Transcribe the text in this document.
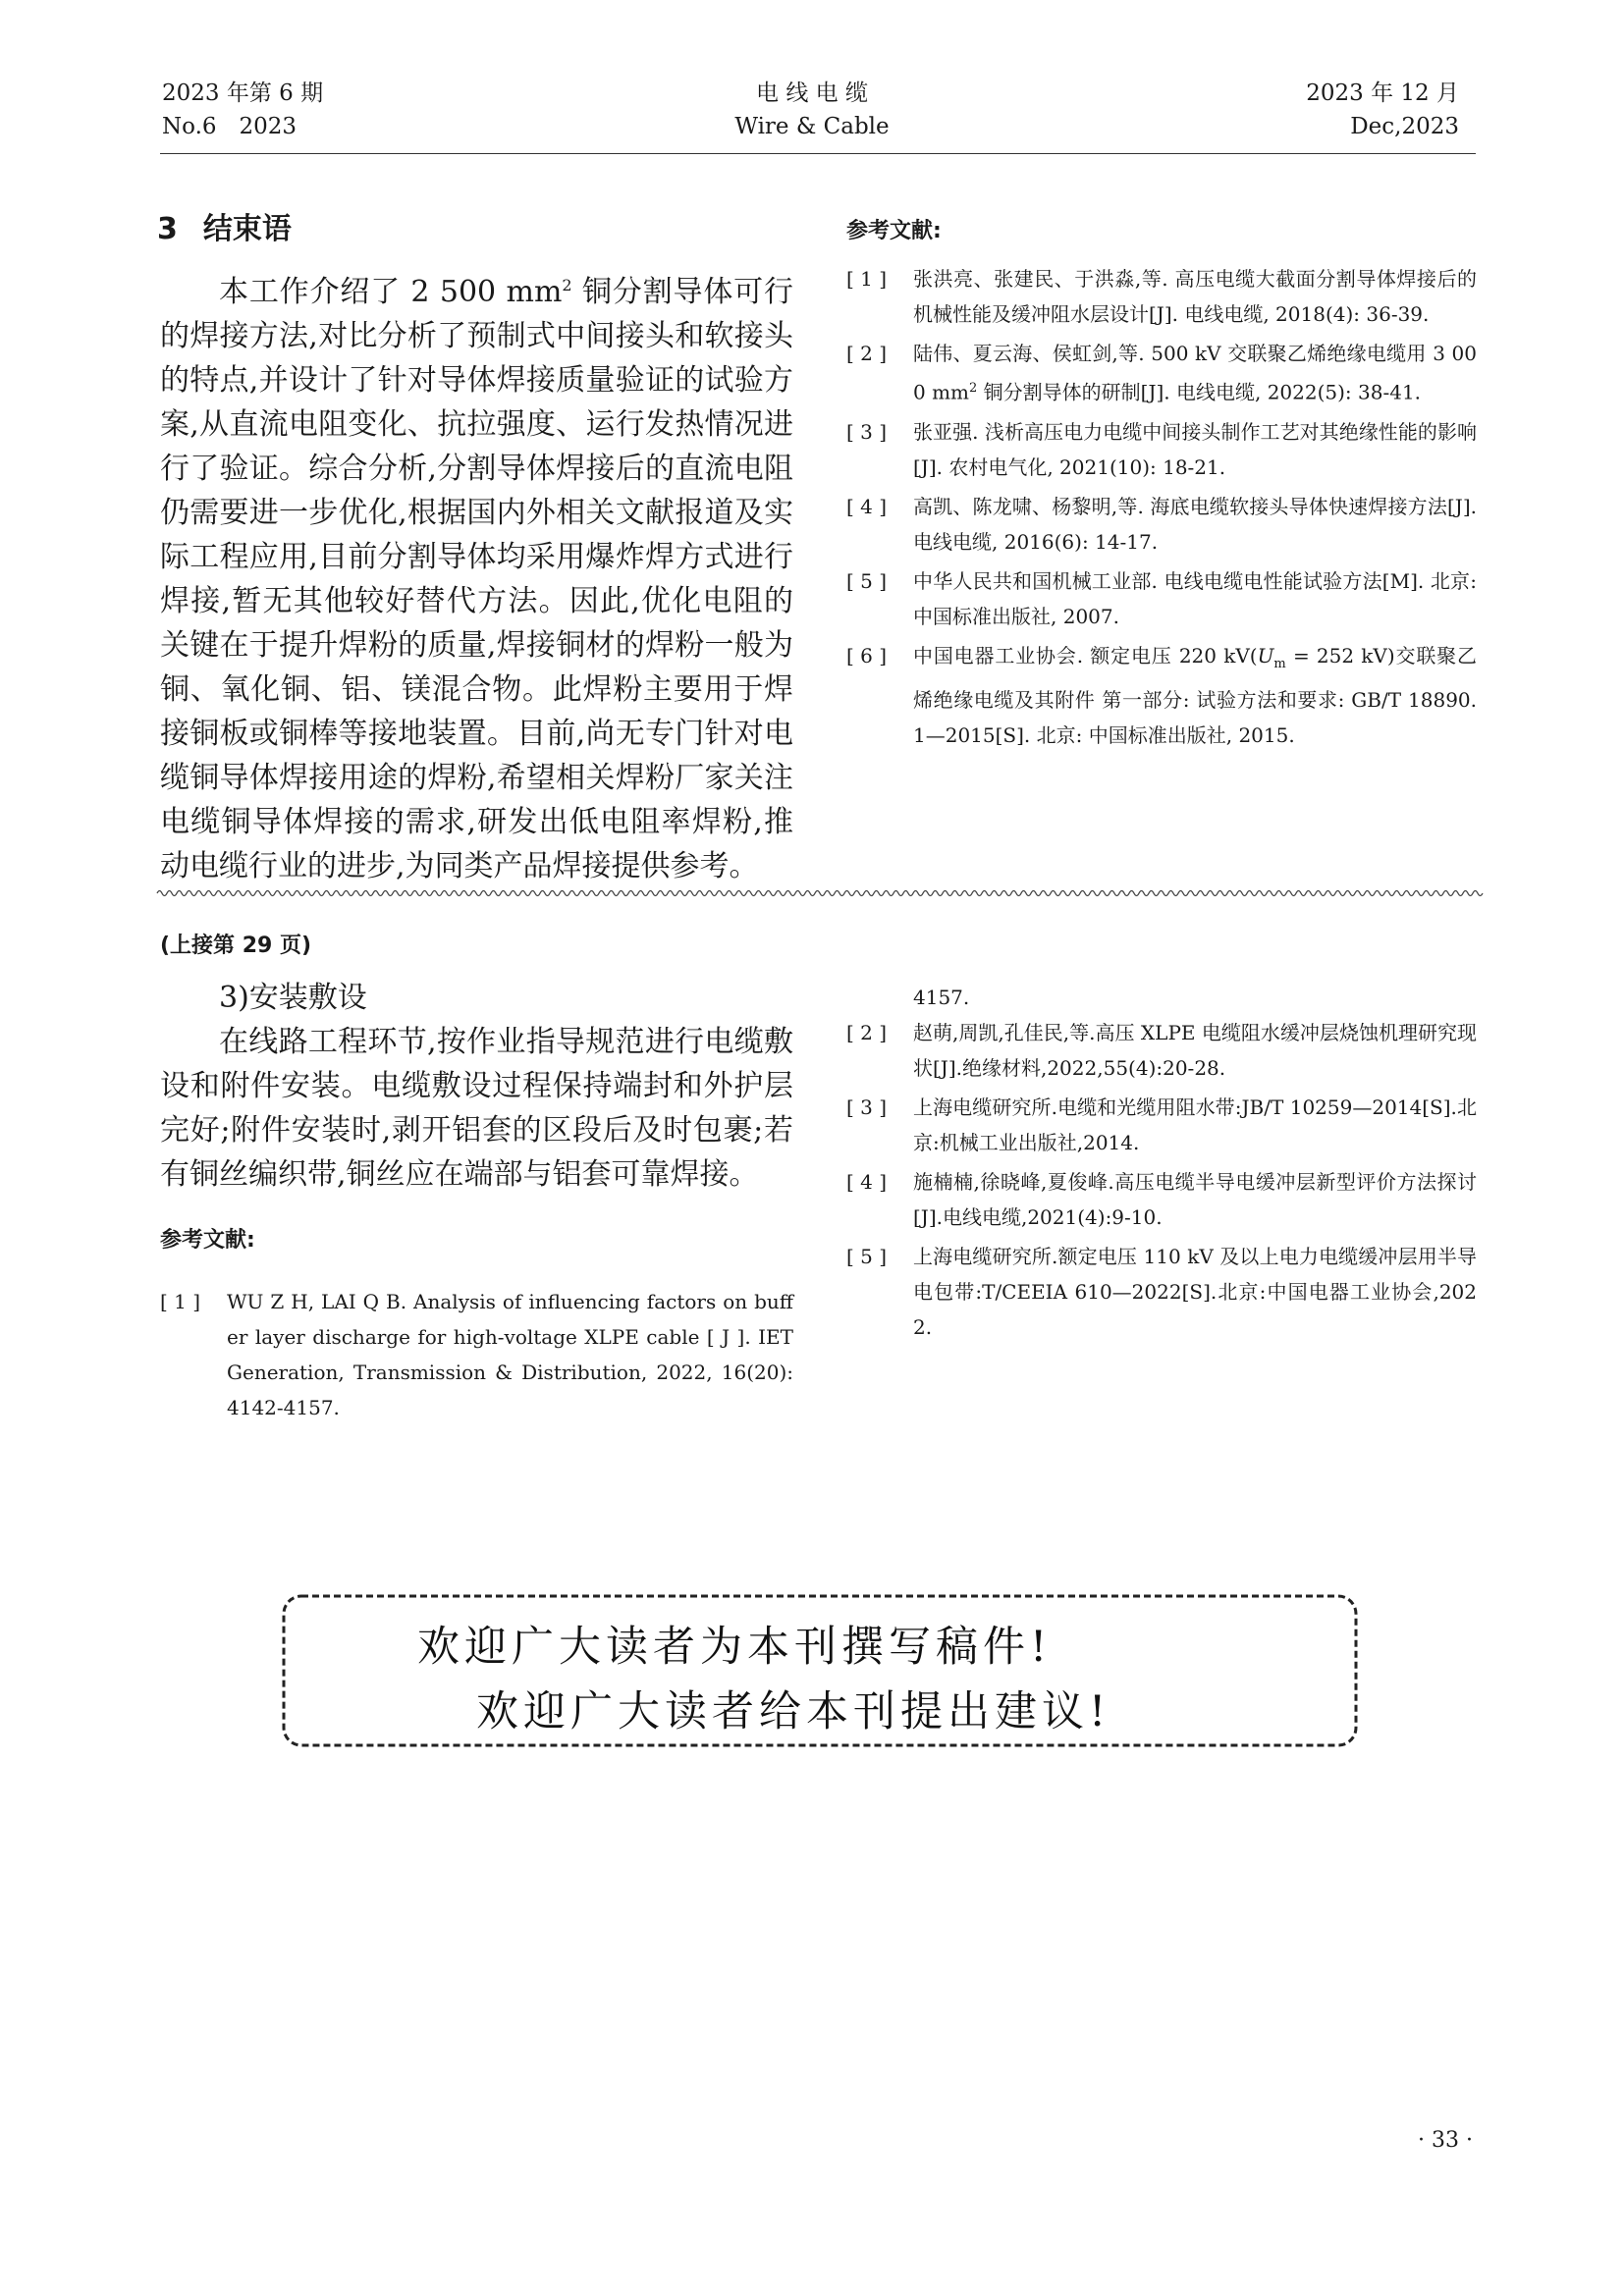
2023 年第 6 期
No.6　2023
电 线 电 缆
Wire & Cable
2023 年 12 月
Dec,2023
3 结束语
本工作介绍了 2 500 $mm^2$ 铜分割导体可行的焊接方法,对比分析了预制式中间接头和软接头的特点,并设计了针对导体焊接质量验证的试验方案,从直流电阻变化、抗拉强度、运行发热情况进行了验证。综合分析,分割导体焊接后的直流电阻仍需要进一步优化,根据国内外相关文献报道及实际工程应用,目前分割导体均采用爆炸焊方式进行焊接,暂无其他较好替代方法。因此,优化电阻的关键在于提升焊粉的质量,焊接铜材的焊粉一般为铜、氧化铜、铝、镁混合物。此焊粉主要用于焊接铜板或铜棒等接地装置。目前,尚无专门针对电缆铜导体焊接用途的焊粉,希望相关焊粉厂家关注电缆铜导体焊接的需求,研发出低电阻率焊粉,推动电缆行业的进步,为同类产品焊接提供参考。
参考文献:
[ 1 ]	张洪亮、张建民、于洪淼,等. 高压电缆大截面分割导体焊接后的机械性能及缓冲阻水层设计[J]. 电线电缆, 2018(4): 36-39.
[ 2 ]	陆伟、夏云海、侯虹剑,等. 500 kV 交联聚乙烯绝缘电缆用 3 000 $mm^2$ 铜分割导体的研制[J]. 电线电缆, 2022(5): 38-41.
[ 3 ]	张亚强. 浅析高压电力电缆中间接头制作工艺对其绝缘性能的影响[J]. 农村电气化, 2021(10): 18-21.
[ 4 ]	高凯、陈龙啸、杨黎明,等. 海底电缆软接头导体快速焊接方法[J]. 电线电缆, 2016(6): 14-17.
[ 5 ]	中华人民共和国机械工业部. 电线电缆电性能试验方法[M]. 北京: 中国标准出版社, 2007.
[ 6 ]	中国电器工业协会. 额定电压 220 $kV(U_m = 252$ kV)交联聚乙烯绝缘电缆及其附件 第一部分: 试验方法和要求: GB/T 18890. 1—2015[S]. 北京: 中国标准出版社, 2015.
(上接第 29 页)
3)安装敷设
在线路工程环节,按作业指导规范进行电缆敷设和附件安装。电缆敷设过程保持端封和外护层完好;附件安装时,剥开铝套的区段后及时包裹;若有铜丝编织带,铜丝应在端部与铝套可靠焊接。
参考文献:
[ 1 ]	WU Z H, LAI Q B. Analysis of influencing factors on buffer layer discharge for high-voltage XLPE cable [ J ]. IET Generation, Transmission & Distribution, 2022, 16(20): 4142-4157.
4157.
[ 2 ]	赵萌,周凯,孔佳民,等.高压 XLPE 电缆阻水缓冲层烧蚀机理研究现状[J].绝缘材料,2022,55(4):20-28.
[ 3 ]	上海电缆研究所.电缆和光缆用阻水带:JB/T 10259—2014[S].北京:机械工业出版社,2014.
[ 4 ]	施楠楠,徐晓峰,夏俊峰.高压电缆半导电缓冲层新型评价方法探讨[J].电线电缆,2021(4):9-10.
[ 5 ]	上海电缆研究所.额定电压 110 kV 及以上电力电缆缓冲层用半导电包带:T/CEEIA 610—2022[S].北京:中国电器工业协会,2022.
欢迎广大读者为本刊撰写稿件!
欢迎广大读者给本刊提出建议!
· 33 ·
